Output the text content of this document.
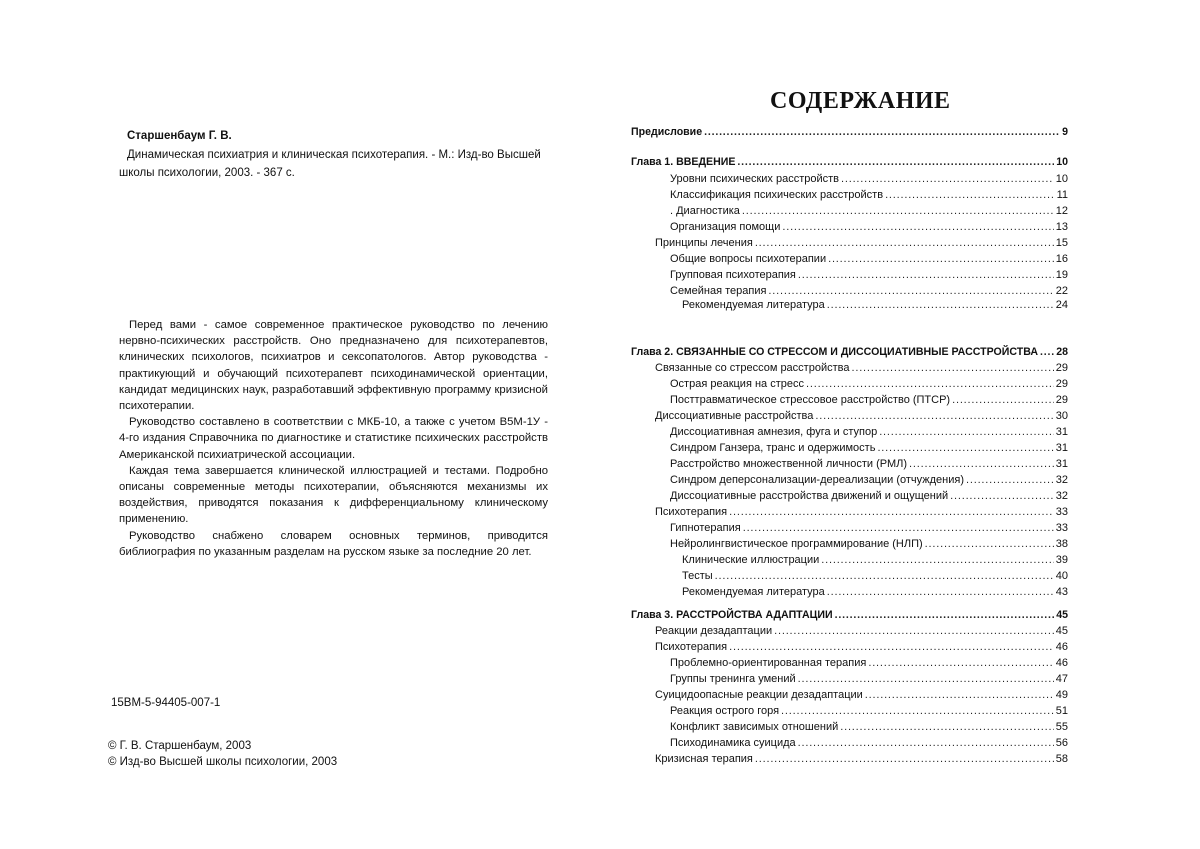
Старшенбаум Г. В.
Динамическая психиатрия и клиническая психотерапия. - М.: Изд-во Высшей школы психологии, 2003. - 367 с.

Перед вами - самое современное практическое руководство по лечению нервно-психических расстройств. Оно предназначено для психотерапевтов, клинических психологов, психиатров и сексопатологов. Автор руководства - практикующий и обучающий психотерапевт психодинамической ориентации, кандидат медицинских наук, разработавший эффективную программу кризисной психотерапии.

Руководство составлено в соответствии с МКБ-10, а также с учетом В5М-1У - 4-го издания Справочника по диагностике и статистике психических расстройств Американской психиатрической ассоциации.

Каждая тема завершается клинической иллюстрацией и тестами. Подробно описаны современные методы психотерапии, объясняются механизмы их воздействия, приводятся показания к дифференциальному клиническому применению.

Руководство снабжено словарем основных терминов, приводится библиография по указанным разделам на русском языке за последние 20 лет.

15ВМ-5-94405-007-1
© Г. В. Старшенбаум, 2003
© Изд-во Высшей школы психологии, 2003
СОДЕРЖАНИЕ
Предисловие .....	9
Глава 1. ВВЕДЕНИЕ .....	10
Уровни психических расстройств .....	10
Классификация психических расстройств .....	11
. Диагностика .....	12
Организация помощи .....	13
Принципы лечения .....	15
Общие вопросы психотерапии .....	16
Групповая психотерапия .....	19
Семейная терапия .....	22
Рекомендуемая литература .....	24
Глава 2. СВЯЗАННЫЕ СО СТРЕССОМ И ДИССОЦИАТИВНЫЕ РАССТРОЙСТВА ..... 28
Связанные со стрессом расстройства .....	29
Острая реакция на стресс .....	29
Посттравматическое стрессовое расстройство (ПТСР) .....	29
Диссоциативные расстройства .....	30
Диссоциативная амнезия, фуга и ступор .....	31
Синдром Ганзера, транс и одержимость .....	31
Расстройство множественной личности (РМЛ) .....	31
Синдром деперсонализации-дереализации (отчуждения) .....	32
Диссоциативные расстройства движений и ощущений .....	32
Психотерапия .....	33
Гипнотерапия .....	33
Нейролингвистическое программирование (НЛП) .....	38
Клинические иллюстрации .....	39
Тесты .....	40
Рекомендуемая литература .....	43
Глава 3. РАССТРОЙСТВА АДАПТАЦИИ .....	45
Реакции дезадаптации .....	45
Психотерапия .....	46
Проблемно-ориентированная терапия .....	46
Группы тренинга умений .....	47
Суицидоопасные реакции дезадаптации .....	49
Реакция острого горя .....	51
Конфликт зависимых отношений .....	55
Психодинамика суицида .....	56
Кризисная терапия .....	58
